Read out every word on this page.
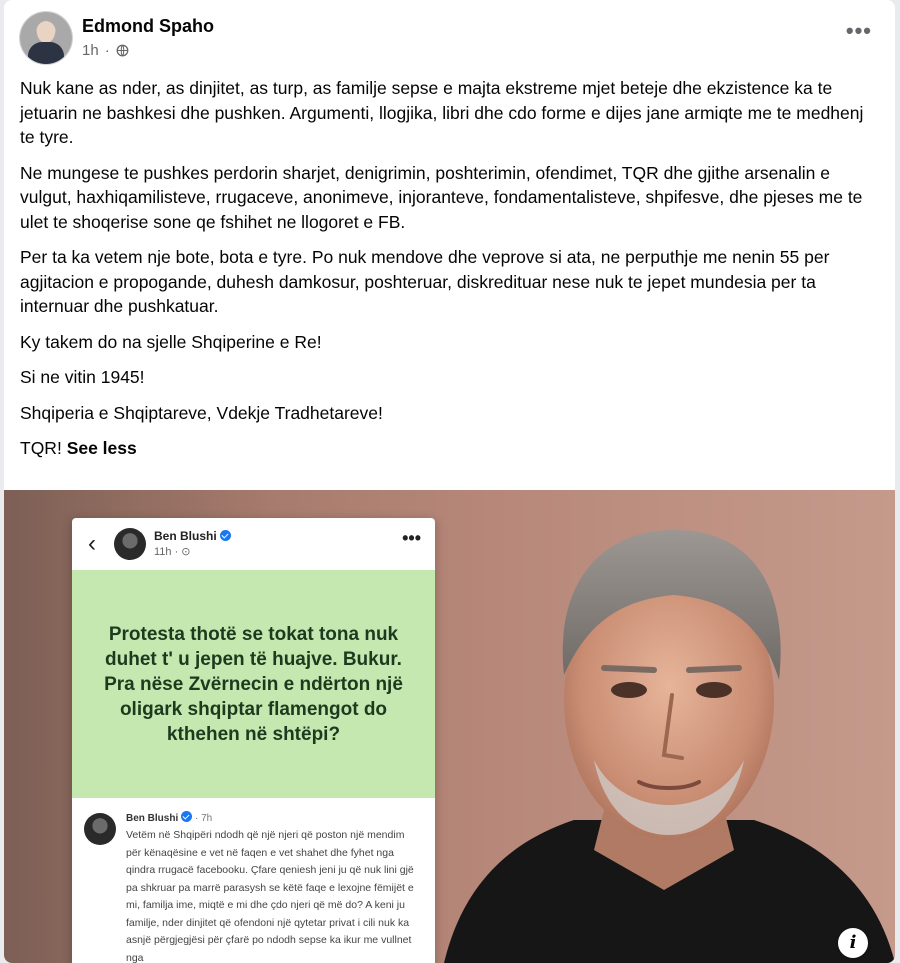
Edmond Spaho
1h ·
•••

Nuk kane as nder, as dinjitet, as turp, as familje sepse e majta ekstreme mjet beteje dhe ekzistence ka te jetuarin ne bashkesi dhe pushken. Argumenti, llogjika, libri dhe cdo forme e dijes jane armiqte me te medhenj te tyre.

Ne mungese te pushkes perdorin sharjet, denigrimin, poshterimin, ofendimet, TQR dhe gjithe arsenalin e vulgut, haxhiqamilisteve, rrugaceve, anonimeve, injoranteve, fondamentalisteve, shpifesve, dhe pjeses me te ulet te shoqerise sone qe fshihet ne llogoret e FB.

Per ta ka vetem nje bote, bota e tyre. Po nuk mendove dhe veprove si ata, ne perputhje me nenin 55 per agjitacion e propogande, duhesh damkosur, poshteruar, diskredituar nese nuk te jepet mundesia per ta internuar dhe pushkatuar.

Ky takem do na sjelle Shqiperine e Re!

Si ne vitin 1945!

Shqiperia e Shqiptareve, Vdekje Tradhetareve!

TQR! See less

‹	Ben Blushi
11h · ⊙
•••
Protesta thotë se tokat tona nuk duhet t' u jepen të huajve. Bukur. Pra nëse Zvërnecin e ndërton një oligark shqiptar flamengot do kthehen në shtëpi?
Ben Blushi · 7h
Vetëm në Shqipëri ndodh që një njeri që poston një mendim për kënaqësine e vet në faqen e vet shahet dhe fyhet nga qindra rrugacë facebooku. Çfare qeniesh jeni ju që nuk lini gjë pa shkruar pa marrë parasysh se këtë faqe e lexojne fëmijët e mi, familja ime, miqtë e mi dhe çdo njeri që më do? A keni ju familje, nder dinjitet që ofendoni një qytetar privat i cili nuk ka asnjë përgjegjësi për çfarë po ndodh sepse ka ikur me vullnet nga
i
